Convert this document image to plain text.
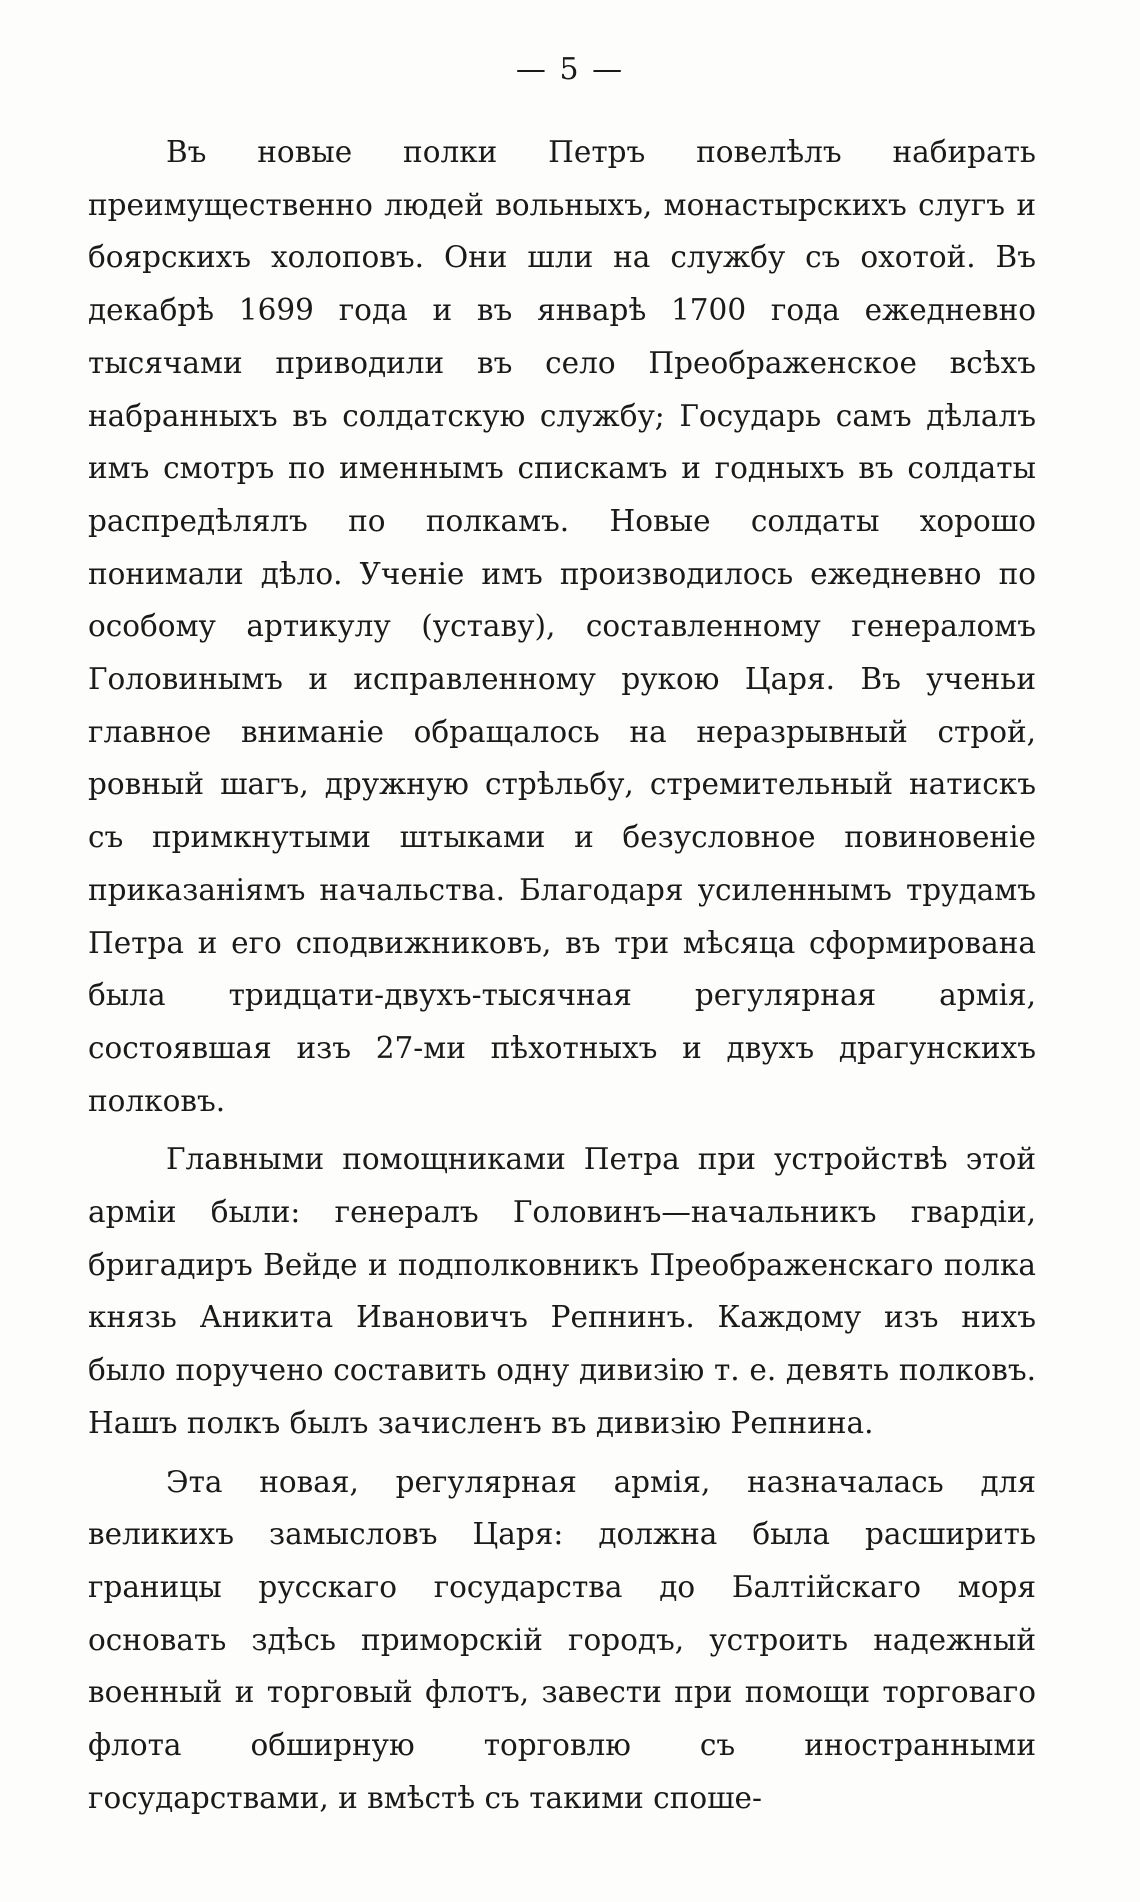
— 5 —

Въ новые полки Петръ повелѣлъ набирать преимущественно людей вольныхъ, монастырскихъ слугъ и боярскихъ холоповъ. Они шли на службу съ охотой. Въ декабрѣ 1699 года и въ январѣ 1700 года ежедневно тысячами приводили въ село Преображенское всѣхъ набранныхъ въ солдатскую службу; Государь самъ дѣлалъ имъ смотръ по именнымъ спискамъ и годныхъ въ солдаты распредѣлялъ по полкамъ. Новые солдаты хорошо понимали дѣло. Ученіе имъ производилось ежедневно по особому артикулу (уставу), составленному генераломъ Головинымъ и исправленному рукою Царя. Въ ученьи главное вниманіе обращалось на неразрывный строй, ровный шагъ, дружную стрѣльбу, стремительный натискъ съ примкнутыми штыками и безусловное повиновеніе приказаніямъ начальства. Благодаря усиленнымъ трудамъ Петра и его сподвижниковъ, въ три мѣсяца сформирована была тридцати-двухъ-тысячная регулярная армія, состоявшая изъ 27-ми пѣхотныхъ и двухъ драгунскихъ полковъ.

Главными помощниками Петра при устройствѣ этой арміи были: генералъ Головинъ—начальникъ гвардіи, бригадиръ Вейде и подполковникъ Преображенскаго полка князь Аникита Ивановичъ Репнинъ. Каждому изъ нихъ было поручено составить одну дивизію т. е. девять полковъ. Нашъ полкъ былъ зачисленъ въ дивизію Репнина.

Эта новая, регулярная армія, назначалась для великихъ замысловъ Царя: должна была расширить границы русскаго государства до Балтійскаго моря основать здѣсь приморскій городъ, устроить надежный военный и торговый флотъ, завести при помощи торговаго флота обширную торговлю съ иностранными государствами, и вмѣстѣ съ такими споше-
